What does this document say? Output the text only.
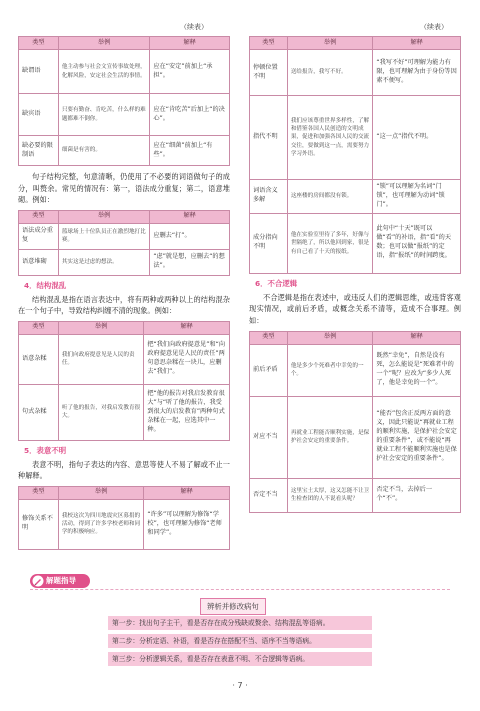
（续表）	（续表）
类型	举例	解释
缺谓语	他主动参与社会文宣传事故处理，化解风险，安定社会生活的事情。	应在“安定”前加上“承担”。
缺宾语	只要有勤奋、肯吃苦，什么样的难题都难不倒你。	应在“肯吃苦”后加上“的决心”。
缺必要的限制语	细菌是有害的。	应在“细菌”前加上“有些”。

句子结构完整，句意清晰，仍使用了不必要的词语做句子的成分，叫赘余。常见的情况有：第一，语法成分重复；第二，语意堆砌。例如：

类型	举例	解释
语法成分重复	篮球场上十位队员正在激烈地打比赛。	应删去“打”。
语意堆砌	其实这是过虑的想法。	“虑”就是想，应删去“的想法”。
4．结构混乱

结构混乱是指在语言表达中，将有两种或两种以上的结构混杂在一个句子中，导致结构纠缠不清的现象。例如：

类型	举例	解释
语意杂糅	我们向政府提意见是人民的责任。	把“我们向政府提意见”和“向政府提意见是人民的责任”两句意思杂糅在一块儿，应删去“我们”。
句式杂糅	听了他的报告，对我启发教育很大。	把“他的报告对我启发教育很大”与“听了他的报告，我受到很大的启发教育”两种句式杂糅在一起，应选其中一种。
5．表意不明

表意不明，指句子表达的内容、意思等使人不易了解或不止一种解释。

类型	举例	解释
修饰关系不明	我校这次为四川地震灾区募捐的活动，得到了许多学校老师和同学的积极响应。	“许多”可以理解为修饰“学校”，也可理解为修饰“老师和同学”。
类型	举例	解释
停顿位置不明	送给报告，我写不好。	“我写不好”可理解为能力有限，也可理解为由于身份等因素不便写。
指代不明	我们应该尊重世界多样性，了解和借鉴各国人民创造的文明成果，促进和加强各国人民的交流交往，要做到这一点，需要努力学习外语。	“这一点”指代不明。
词语含义多解	这座楼的房间都没有锁。	“锁”可以理解为名词“门锁”，也可理解为动词“锁门”。
成分指向不明	他在实验室里待了多年，好像与世隔绝了，所以他回到家，很是有自己看了十天的报纸。	此句中“十天”既可以做“看”的补语，指“看”的天数；也可以做“报纸”的定语，指“报纸”的时间跨度。
6．不合逻辑

不合逻辑是指在表述中，或违反人们的逻辑思维，或违背客观现实情况，或前后矛盾，或概念关系不清等，造成不合事理。例如：

类型	举例	解释
前后矛盾	他是多少个死难者中幸免的一个。	既然“幸免”，自然是没有死，怎么能说是“死难者中的一个”呢？应改为“多少人死了，他是幸免的一个”。
对应不当	再就业工程能否顺利实施，是保护社会安定的重要条件。	“能否”包含正反两方面的意义，因此只能说“再就业工程的顺利实施，是保护社会安定的重要条件”，或不能说“再就业工程不能顺利实施也是保护社会安定的重要条件”。
否定不当	这里宝土太厚，这又怎能不让卫生检查团的人不说看头呢？	否定不当，去掉后一个“不”。
解题指导
辨析并修改病句
第一步：找出句子主干，看是否存在成分残缺或赘余、结构混乱等语病。
第二步：分析定语、补语，看是否存在搭配不当、语序不当等语病。
第三步：分析逻辑关系，看是否存在表意不明、不合逻辑等语病。
· 7 ·
